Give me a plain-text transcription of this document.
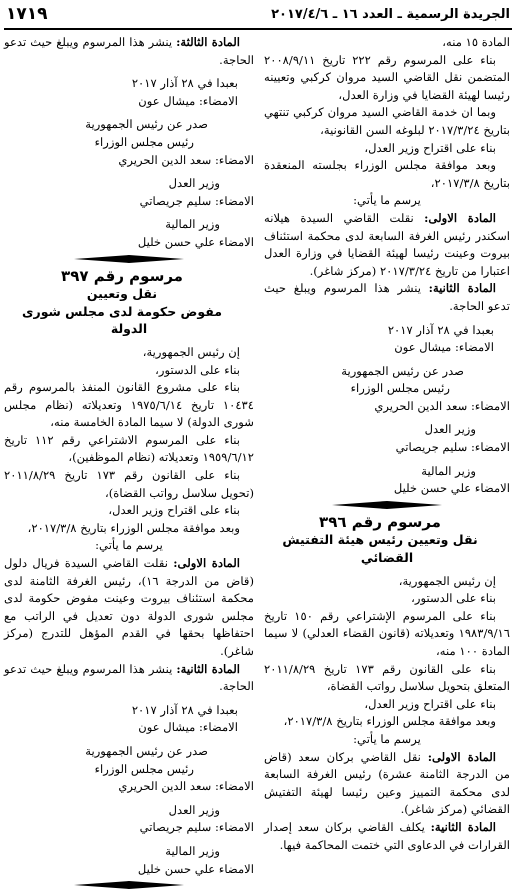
الجريدة الرسمية ـ العدد ١٦ ـ ٢٠١٧/٤/٦
١٧١٩

المادة ١٥ منه،

بناء على المرسوم رقم ٢٢٢ تاريخ ٢٠٠٨/٩/١١ المتضمن نقل القاضي السيد مروان كركبي وتعيينه رئيسا لهيئة القضايا في وزارة العدل،

وبما ان خدمة القاضي السيد مروان كركبي تنتهي بتاريخ ٢٠١٧/٣/٢٤ لبلوغه السن القانونية،

بناء على اقتراح وزير العدل،

وبعد موافقة مجلس الوزراء بجلسته المنعقدة بتاريخ ٢٠١٧/٣/٨،

يرسم ما يأتي:

المادة الاولى: نقلت القاضي السيدة هيلانه اسكندر رئيس الغرفة السابعة لدى محكمة استئناف بيروت وعينت رئيسا لهيئة القضايا في وزارة العدل اعتبارا من تاريخ ٢٠١٧/٣/٢٤ (مركز شاغر).

المادة الثانية: ينشر هذا المرسوم ويبلغ حيث تدعو الحاجة.

بعبدا في ٢٨ آذار ٢٠١٧

الامضاء: ميشال عون

صدر عن رئيس الجمهورية

رئيس مجلس الوزراء

الامضاء: سعد الدين الحريري

وزير العدل

الامضاء: سليم جريصاتي

وزير المالية

الامضاء علي حسن خليل

مرسوم رقم ٣٩٦

نقل وتعيين رئيس هيئة التفتيش القضائي

إن رئيس الجمهورية،

بناء على الدستور،

بناء على المرسوم الإشتراعي رقم ١٥٠ تاريخ ١٩٨٣/٩/١٦ وتعديلاته (قانون القضاء العدلي) لا سيما المادة ١٠٠ منه،

بناء على القانون رقم ١٧٣ تاريخ ٢٠١١/٨/٢٩ المتعلق بتحويل سلاسل رواتب القضاة،

بناء على اقتراح وزير العدل،

وبعد موافقة مجلس الوزراء بتاريخ ٢٠١٧/٣/٨،

يرسم ما يأتي:

المادة الاولى: نقل القاضي بركان سعد (قاض من الدرجة الثامنة عشرة) رئيس الغرفة السابعة لدى محكمة التمييز وعين رئيسا لهيئة التفتيش القضائي (مركز شاغر).

المادة الثانية: يكلف القاضي بركان سعد إصدار القرارات في الدعاوى التي ختمت المحاكمة فيها.

المادة الثالثة: ينشر هذا المرسوم ويبلغ حيث تدعو الحاجة.

بعبدا في ٢٨ آذار ٢٠١٧

الامضاء: ميشال عون

صدر عن رئيس الجمهورية

رئيس مجلس الوزراء

الامضاء: سعد الدين الحريري

وزير العدل

الامضاء: سليم جريصاتي

وزير المالية

الامضاء علي حسن خليل

مرسوم رقم ٣٩٧

نقل وتعيين

مفوض حكومة لدى مجلس شورى الدولة

إن رئيس الجمهورية،

بناء على الدستور،

بناء على مشروع القانون المنفذ بالمرسوم رقم ١٠٤٣٤ تاريخ ١٩٧٥/٦/١٤ وتعديلاته (نظام مجلس شورى الدولة) لا سيما المادة الخامسة منه،

بناء على المرسوم الاشتراعي رقم ١١٢ تاريخ ١٩٥٩/٦/١٢ وتعديلاته (نظام الموظفين)،

بناء على القانون رقم ١٧٣ تاريخ ٢٠١١/٨/٢٩ (تحويل سلاسل رواتب القضاة)،

بناء على اقتراح وزير العدل،

وبعد موافقة مجلس الوزراء بتاريخ ٢٠١٧/٣/٨،

يرسم ما يأتي:

المادة الاولى: نقلت القاضي السيدة فريال دلول (قاض من الدرجة ١٦)، رئيس الغرفة الثامنة لدى محكمة استئناف بيروت وعينت مفوض حكومة لدى مجلس شورى الدولة دون تعديل في الراتب مع احتفاظها بحقها في القدم المؤهل للتدرج (مركز شاغر).

المادة الثانية: ينشر هذا المرسوم ويبلغ حيث تدعو الحاجة.

بعبدا في ٢٨ آذار ٢٠١٧

الامضاء: ميشال عون

صدر عن رئيس الجمهورية

رئيس مجلس الوزراء

الامضاء: سعد الدين الحريري

وزير العدل

الامضاء: سليم جريصاتي

وزير المالية

الامضاء علي حسن خليل
